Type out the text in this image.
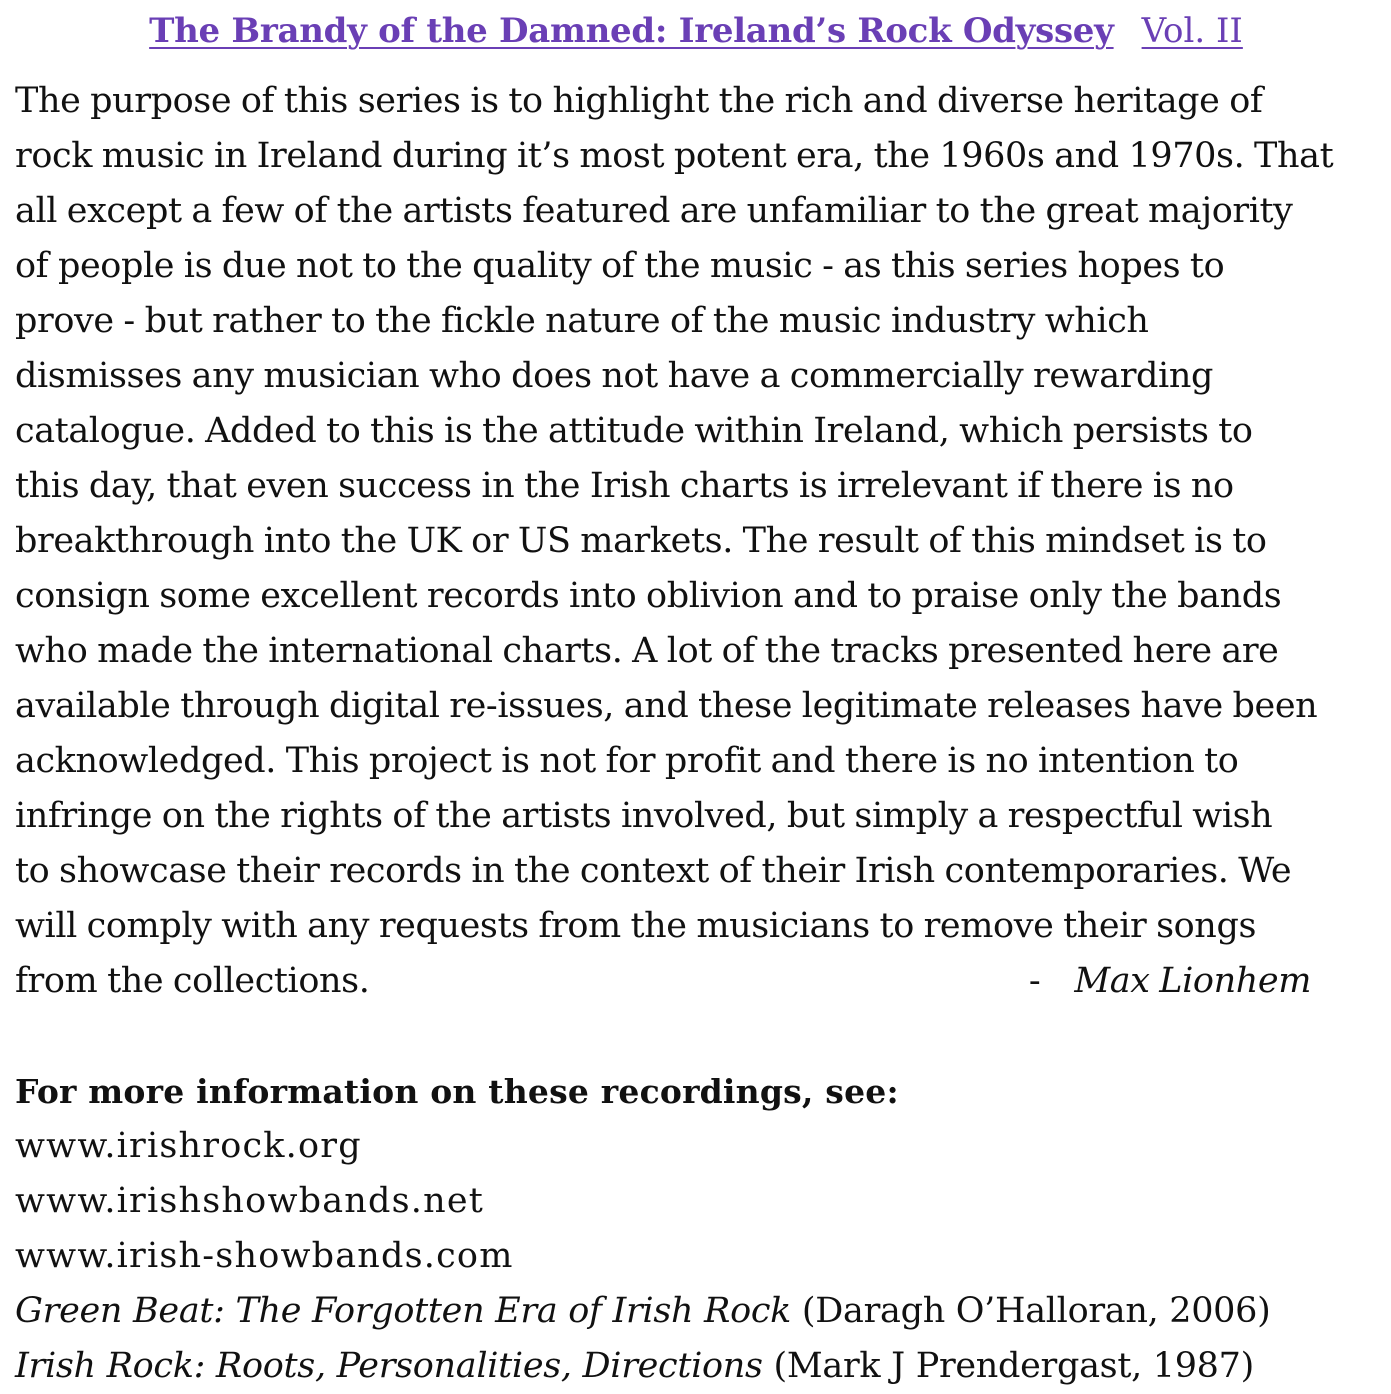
The Brandy of the Damned: Ireland’s Rock Odyssey Vol. II
The purpose of this series is to highlight the rich and diverse heritage of
rock music in Ireland during it’s most potent era, the 1960s and 1970s. That
all except a few of the artists featured are unfamiliar to the great majority
of people is due not to the quality of the music - as this series hopes to
prove - but rather to the fickle nature of the music industry which
dismisses any musician who does not have a commercially rewarding
catalogue. Added to this is the attitude within Ireland, which persists to
this day, that even success in the Irish charts is irrelevant if there is no
breakthrough into the UK or US markets. The result of this mindset is to
consign some excellent records into oblivion and to praise only the bands
who made the international charts. A lot of the tracks presented here are
available through digital re-issues, and these legitimate releases have been
acknowledged. This project is not for profit and there is no intention to
infringe on the rights of the artists involved, but simply a respectful wish
to showcase their records in the context of their Irish contemporaries. We
will comply with any requests from the musicians to remove their songs
from the collections.	- Max Lionhem
For more information on these recordings, see:
www.irishrock.org
www.irishshowbands.net
www.irish-showbands.com
Green Beat: The Forgotten Era of Irish Rock (Daragh O’Halloran, 2006)
Irish Rock: Roots, Personalities, Directions (Mark J Prendergast, 1987)
